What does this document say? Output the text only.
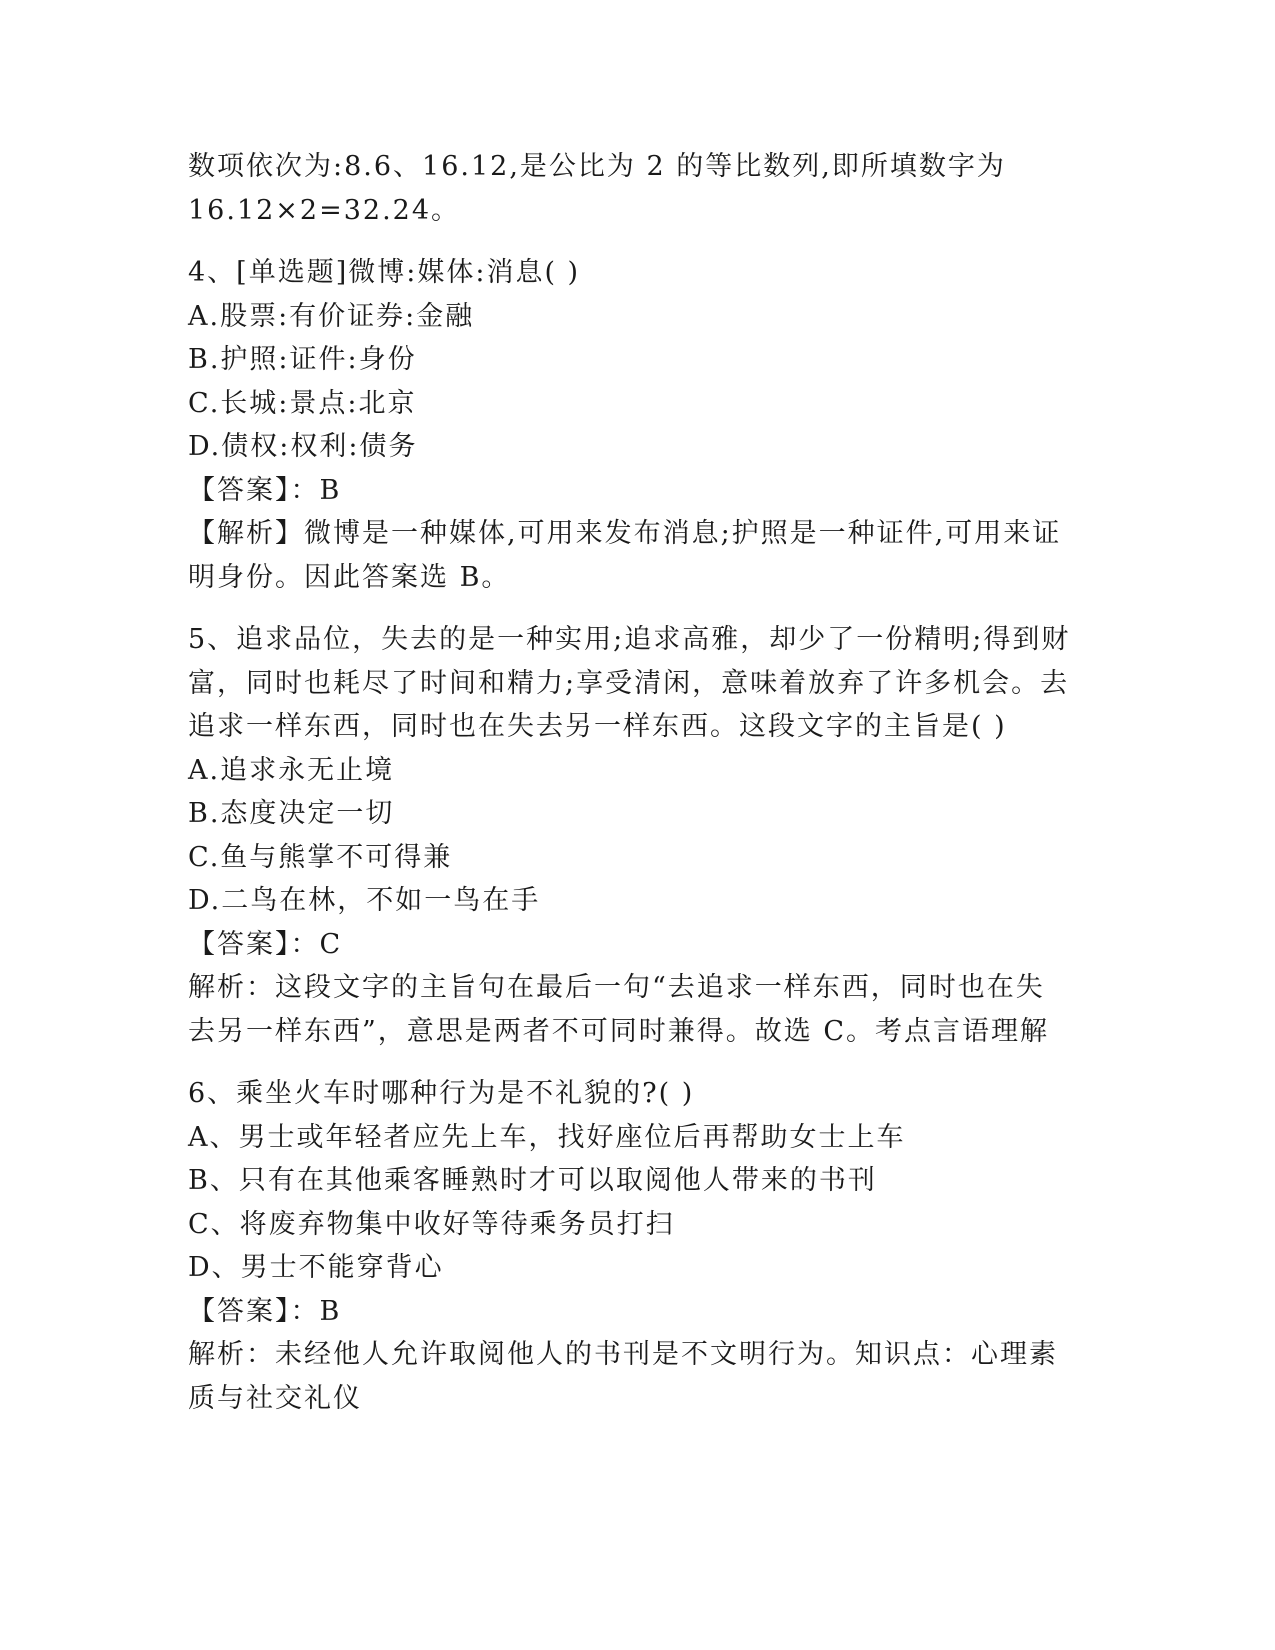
数项依次为:8.6、16.12,是公比为 2 的等比数列,即所填数字为
16.12×2=32.24。
4、[单选题]微博:媒体:消息( )
A.股票:有价证券:金融
B.护照:证件:身份
C.长城:景点:北京
D.债权:权利:债务
【答案】：B
【解析】微博是一种媒体,可用来发布消息;护照是一种证件,可用来证
明身份。因此答案选 B。
5、追求品位，失去的是一种实用;追求高雅，却少了一份精明;得到财
富，同时也耗尽了时间和精力;享受清闲，意味着放弃了许多机会。去
追求一样东西，同时也在失去另一样东西。这段文字的主旨是( )
A.追求永无止境
B.态度决定一切
C.鱼与熊掌不可得兼
D.二鸟在林，不如一鸟在手
【答案】：C
解析：这段文字的主旨句在最后一句“去追求一样东西，同时也在失
去另一样东西”，意思是两者不可同时兼得。故选 C。考点言语理解
6、乘坐火车时哪种行为是不礼貌的?( )
A、男士或年轻者应先上车，找好座位后再帮助女士上车
B、只有在其他乘客睡熟时才可以取阅他人带来的书刊
C、将废弃物集中收好等待乘务员打扫
D、男士不能穿背心
【答案】：B
解析：未经他人允许取阅他人的书刊是不文明行为。知识点：心理素
质与社交礼仪
